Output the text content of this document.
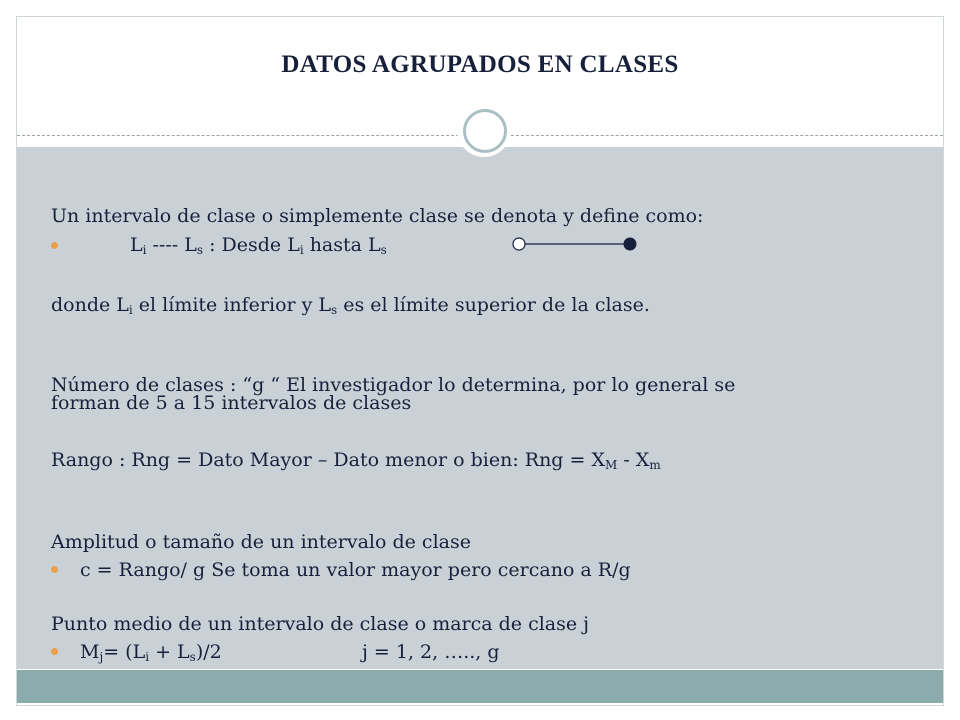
DATOS AGRUPADOS EN CLASES
Un intervalo de clase o simplemente clase se denota y define como:
$L_i$ ---- $L_s$ : Desde $L_i$ hasta $L_s$
donde $L_i$ el límite inferior y $L_s$ es el límite superior de la clase.
Número de clases : “g “ El investigador lo determina, por lo general se
forman de 5 a 15 intervalos de clases
Rango : Rng = Dato Mayor – Dato menor o bien: Rng = $X_M - X_m$
Amplitud o tamaño de un intervalo de clase
c = Rango/ g Se toma un valor mayor pero cercano a R/g
Punto medio de un intervalo de clase o marca de clase j
$M_j= (L_i + L_s)/2$	j = 1, 2, ….., g
